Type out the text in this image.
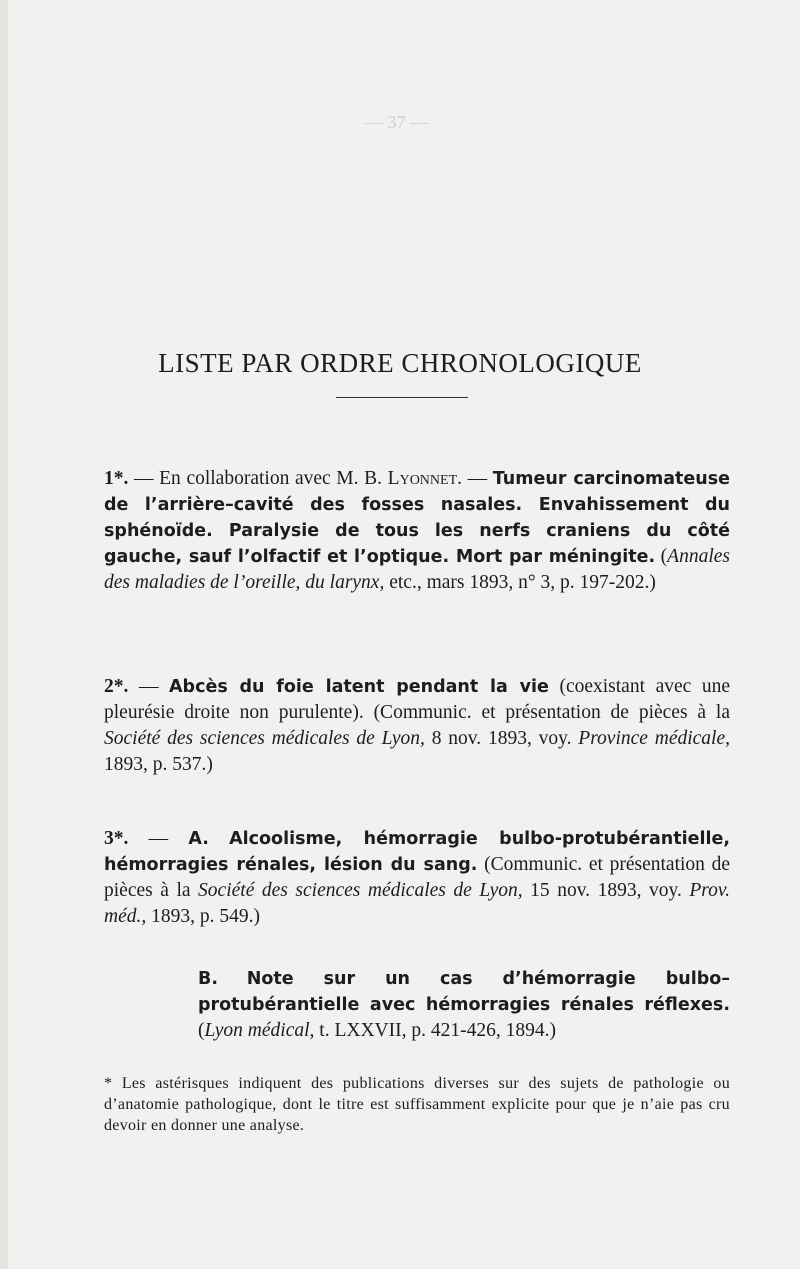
— 37 —
LISTE PAR ORDRE CHRONOLOGIQUE
1*. — En collaboration avec M. B. Lyonnet. — Tumeur carcinomateuse de l’arrière–cavité des fosses nasales. Envahissement du sphénoïde. Paralysie de tous les nerfs craniens du côté gauche, sauf l’olfactif et l’optique. Mort par méningite. (Annales des maladies de l’oreille, du larynx, etc., mars 1893, n° 3, p. 197-202.)
2*. — Abcès du foie latent pendant la vie (coexistant avec une pleurésie droite non purulente). (Communic. et présentation de pièces à la Société des sciences médicales de Lyon, 8 nov. 1893, voy. Province médicale, 1893, p. 537.)
3*. — A. Alcoolisme, hémorragie bulbo-protubérantielle, hémorragies rénales, lésion du sang. (Communic. et présentation de pièces à la Société des sciences médicales de Lyon, 15 nov. 1893, voy. Prov. méd., 1893, p. 549.)
B. Note sur un cas d’hémorragie bulbo–protubérantielle avec hémorragies rénales réflexes. (Lyon médical, t. LXXVII, p. 421-426, 1894.)
* Les astérisques indiquent des publications diverses sur des sujets de pathologie ou d’anatomie pathologique, dont le titre est suffisamment explicite pour que je n’aie pas cru devoir en donner une analyse.
